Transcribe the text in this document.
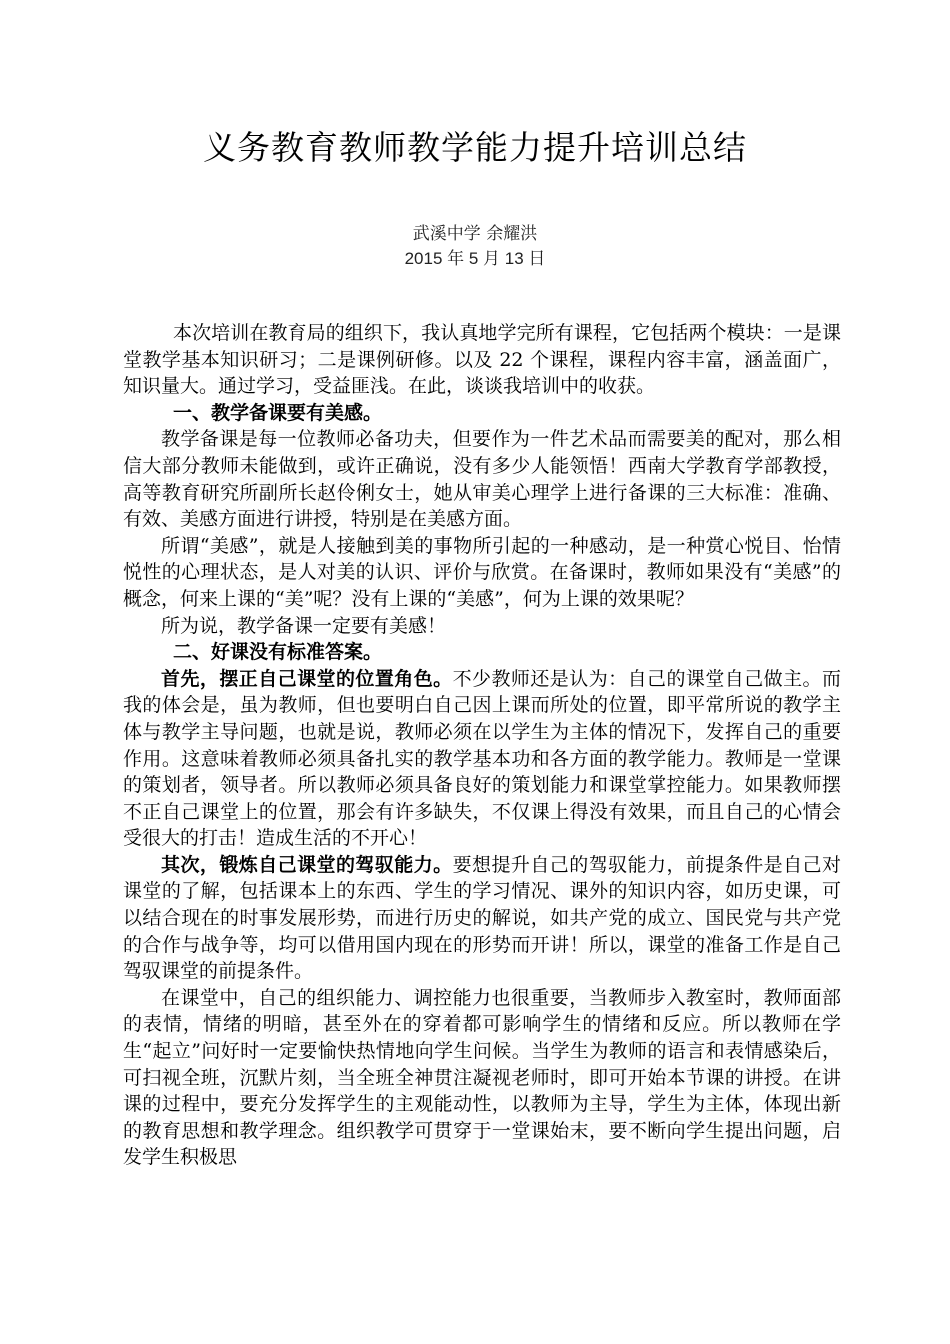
义务教育教师教学能力提升培训总结
武溪中学 余耀洪
2015 年 5 月 13 日

本次培训在教育局的组织下，我认真地学完所有课程，它包括两个模块：一是课堂教学基本知识研习；二是课例研修。以及 22 个课程，课程内容丰富，涵盖面广，知识量大。通过学习，受益匪浅。在此，谈谈我培训中的收获。

一、教学备课要有美感。

教学备课是每一位教师必备功夫，但要作为一件艺术品而需要美的配对，那么相信大部分教师未能做到，或许正确说，没有多少人能领悟！西南大学教育学部教授，高等教育研究所副所长赵伶俐女士，她从审美心理学上进行备课的三大标准：准确、有效、美感方面进行讲授，特别是在美感方面。

所谓“美感”，就是人接触到美的事物所引起的一种感动，是一种赏心悦目、怡情悦性的心理状态，是人对美的认识、评价与欣赏。在备课时，教师如果没有“美感”的概念，何来上课的“美”呢？没有上课的“美感”，何为上课的效果呢？

所为说，教学备课一定要有美感！

二、好课没有标准答案。

首先，摆正自己课堂的位置角色。不少教师还是认为：自己的课堂自己做主。而我的体会是，虽为教师，但也要明白自己因上课而所处的位置，即平常所说的教学主体与教学主导问题，也就是说，教师必须在以学生为主体的情况下，发挥自己的重要作用。这意味着教师必须具备扎实的教学基本功和各方面的教学能力。教师是一堂课的策划者，领导者。所以教师必须具备良好的策划能力和课堂掌控能力。如果教师摆不正自己课堂上的位置，那会有许多缺失，不仅课上得没有效果，而且自己的心情会受很大的打击！造成生活的不开心！

其次，锻炼自己课堂的驾驭能力。要想提升自己的驾驭能力，前提条件是自己对课堂的了解，包括课本上的东西、学生的学习情况、课外的知识内容，如历史课，可以结合现在的时事发展形势，而进行历史的解说，如共产党的成立、国民党与共产党的合作与战争等，均可以借用国内现在的形势而开讲！所以，课堂的准备工作是自己驾驭课堂的前提条件。

在课堂中，自己的组织能力、调控能力也很重要，当教师步入教室时，教师面部的表情，情绪的明暗，甚至外在的穿着都可影响学生的情绪和反应。所以教师在学生“起立”问好时一定要愉快热情地向学生问候。当学生为教师的语言和表情感染后，可扫视全班，沉默片刻，当全班全神贯注凝视老师时，即可开始本节课的讲授。在讲课的过程中，要充分发挥学生的主观能动性，以教师为主导，学生为主体，体现出新的教育思想和教学理念。组织教学可贯穿于一堂课始末，要不断向学生提出问题，启发学生积极思
